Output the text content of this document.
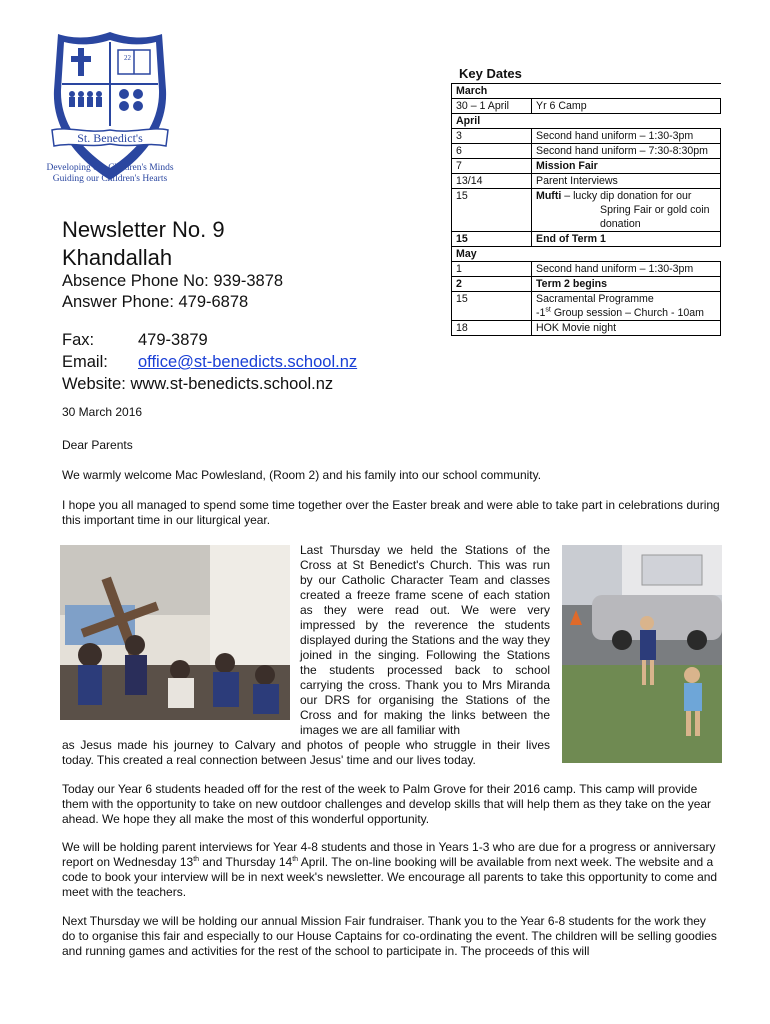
22
St. Benedict's
Developing our Children's Minds
Guiding our Children's Hearts
Newsletter No. 9
Khandallah
Absence Phone No: 939-3878
Answer Phone: 479-6878
Fax:	479-3879
Email: office@st-benedicts.school.nz
Website: www.st-benedicts.school.nz
Key Dates
March	
30 – 1 April	Yr 6 Camp
April	
3	Second hand uniform – 1:30-3pm
6	Second hand uniform – 7:30-8:30pm
7	Mission Fair
13/14	Parent Interviews
15	Mufti – lucky dip donation for our
Spring Fair or gold coin
donation

15	End of Term 1
May	
1	Second hand uniform – 1:30-3pm
2	Term 2 begins
15	Sacramental Programme
-1st Group session – Church - 10am
18	HOK Movie night
30 March 2016
Dear Parents
We warmly welcome Mac Powlesland, (Room 2) and his family into our school community.
I hope you all managed to spend some time together over the Easter break and were able to take part in celebrations during this important time in our liturgical year.
Last Thursday we held the Stations of the Cross at St Benedict's Church. This was run by our Catholic Character Team and classes created a freeze frame scene of each station as they were read out. We were very impressed by the reverence the students displayed during the Stations and the way they joined in the singing. Following the Stations the students processed back to school carrying the cross. Thank you to Mrs Miranda our DRS for organising the Stations of the Cross and for making the links between the images we are all familiar with
as Jesus made his journey to Calvary and photos of people who struggle in their lives today. This created a real connection between Jesus' time and our lives today.
Today our Year 6 students headed off for the rest of the week to Palm Grove for their 2016 camp. This camp will provide them with the opportunity to take on new outdoor challenges and develop skills that will help them as they take on the year ahead. We hope they all make the most of this wonderful opportunity.
We will be holding parent interviews for Year 4-8 students and those in Years 1-3 who are due for a progress or anniversary report on Wednesday 13th and Thursday 14th April. The on-line booking will be available from next week. The website and a code to book your interview will be in next week's newsletter. We encourage all parents to take this opportunity to come and meet with the teachers.
Next Thursday we will be holding our annual Mission Fair fundraiser. Thank you to the Year 6-8 students for the work they do to organise this fair and especially to our House Captains for co-ordinating the event. The children will be selling goodies and running games and activities for the rest of the school to participate in. The proceeds of this will
